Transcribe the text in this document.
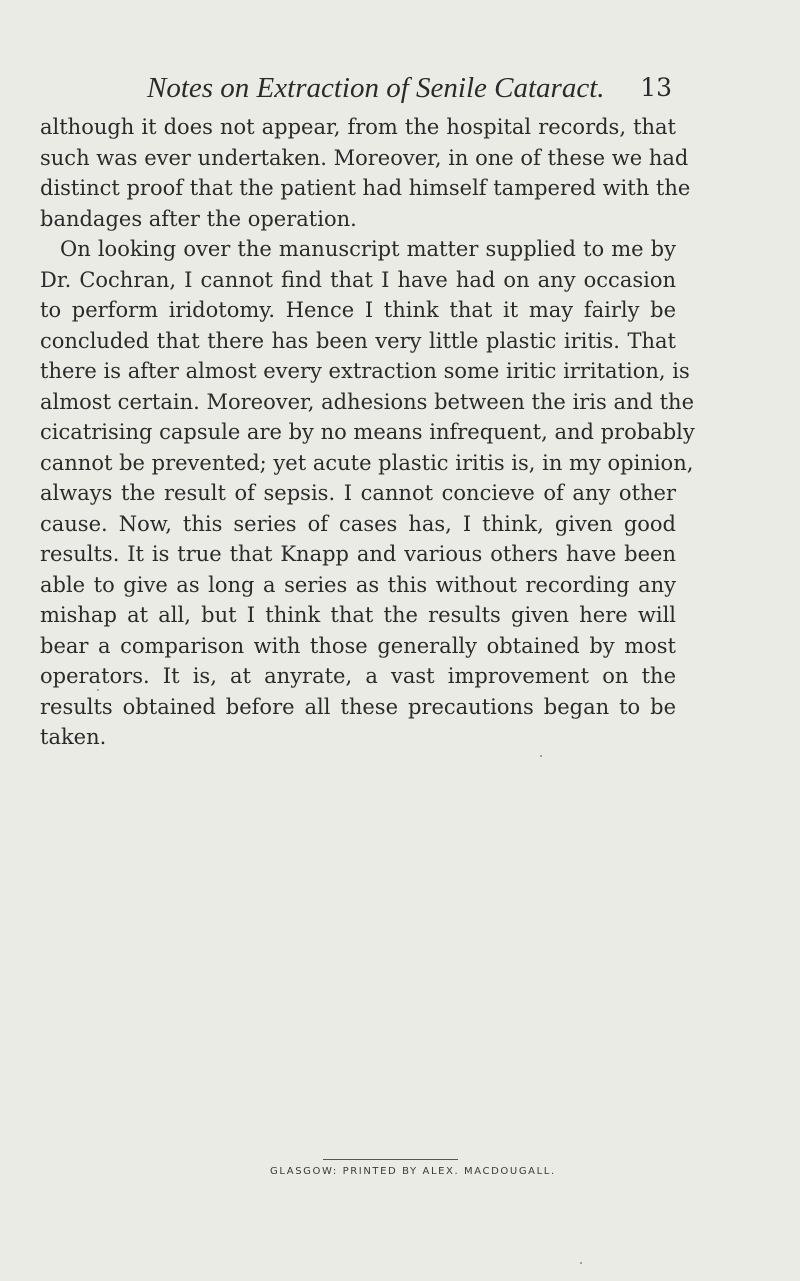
Notes on Extraction of Senile Cataract. 13
although it does not appear, from the hospital records, that
such was ever undertaken. Moreover, in one of these we had
distinct proof that the patient had himself tampered with the
bandages after the operation.
On looking over the manuscript matter supplied to me by
Dr. Cochran, I cannot find that I have had on any occasion
to perform iridotomy. Hence I think that it may fairly be
concluded that there has been very little plastic iritis. That
there is after almost every extraction some iritic irritation, is
almost certain. Moreover, adhesions between the iris and the
cicatrising capsule are by no means infrequent, and probably
cannot be prevented; yet acute plastic iritis is, in my opinion,
always the result of sepsis. I cannot concieve of any other
cause. Now, this series of cases has, I think, given good
results. It is true that Knapp and various others have been
able to give as long a series as this without recording any
mishap at all, but I think that the results given here will
bear a comparison with those generally obtained by most
operators. It is, at anyrate, a vast improvement on the
results obtained before all these precautions began to be
taken.
GLASGOW: PRINTED BY ALEX. MACDOUGALL.
